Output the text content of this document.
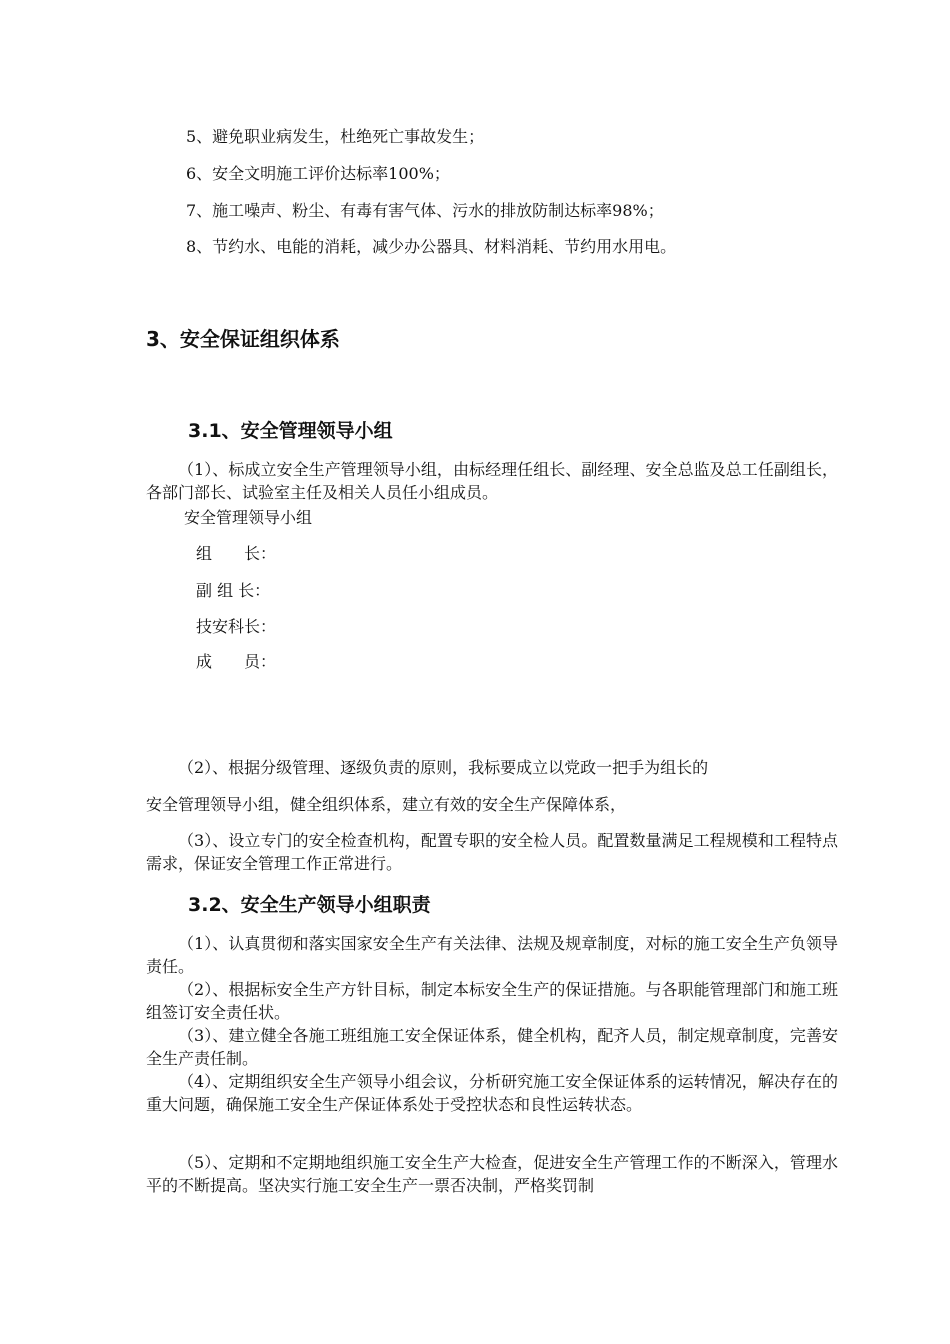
5、避免职业病发生，杜绝死亡事故发生；
6、安全文明施工评价达标率100%；
7、施工噪声、粉尘、有毒有害气体、污水的排放防制达标率98%；
8、节约水、电能的消耗，减少办公器具、材料消耗、节约用水用电。
3、安全保证组织体系
3.1、安全管理领导小组
（1）、标成立安全生产管理领导小组，由标经理任组长、副经理、安全总监及总工任副组长，各部门部长、试验室主任及相关人员任小组成员。
安全管理领导小组
组　　长：
副 组 长：
技安科长：
成　　员：
（2）、根据分级管理、逐级负责的原则，我标要成立以党政一把手为组长的
安全管理领导小组，健全组织体系，建立有效的安全生产保障体系，
（3）、设立专门的安全检查机构，配置专职的安全检人员。配置数量满足工程规模和工程特点需求，保证安全管理工作正常进行。
3.2、安全生产领导小组职责
（1）、认真贯彻和落实国家安全生产有关法律、法规及规章制度，对标的施工安全生产负领导责任。
（2）、根据标安全生产方针目标，制定本标安全生产的保证措施。与各职能管理部门和施工班组签订安全责任状。
（3）、建立健全各施工班组施工安全保证体系，健全机构，配齐人员，制定规章制度，完善安全生产责任制。
（4）、定期组织安全生产领导小组会议，分析研究施工安全保证体系的运转情况，解决存在的重大问题，确保施工安全生产保证体系处于受控状态和良性运转状态。
（5）、定期和不定期地组织施工安全生产大检查，促进安全生产管理工作的不断深入，管理水平的不断提高。坚决实行施工安全生产一票否决制，严格奖罚制
